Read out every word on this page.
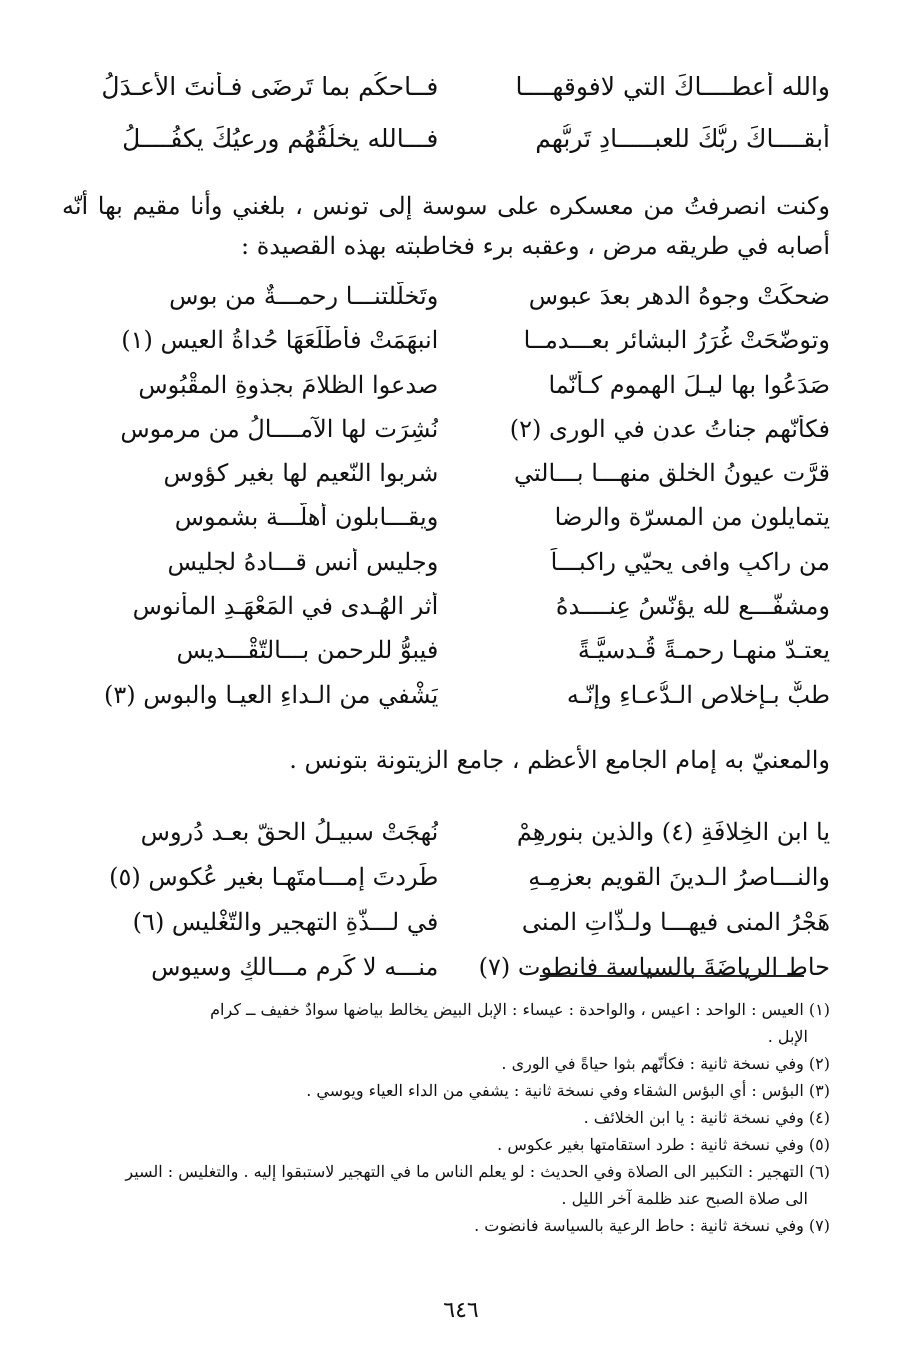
والله أعطــــاكَ التي لافوقهــــا
فــاحكُم بما تَرضَى فـأنتَ الأعـدَلُ
أبقــــاكَ ربُّكَ للعبـــــادِ تَربُّهم
فـــالله يخلُقُهُم ورعيُكَ يكفُــــلُ
وكنت انصرفتُ من معسكره على سوسة إلى تونس ، بلغني وأنا مقيم بها أنّه أصابه في طريقه مرض ، وعقبه برء فخاطبته بهذه القصيدة :
ضحكَتْ وجوهُ الدهرِ بعدَ عبوسِ
وتَخلّلتنـــا رحمـــةٌ من بوسِ
وتوضّحَتْ غُرَرُ البشائرِ بعـــدمــا
انبهَمَتْ فأطْلَعَهَا حُداةُ العيسِ (١)
صَدَعُوا بها ليـلَ الهموم كـأنّما
صدعوا الظلامَ بجذوةِ المقْبُوسِ
فكأنّهم جناتُ عدنٍ في الورى (٢)
نُشِرَت لها الآمــــالُ من مرموسِ
قرَّت عيونُ الخلق منهـــا بـــالتي
شربوا النّعيم لها بغيرِ كؤوسِ
يتمايلون من المسرّة والرضا
ويقـــابلون أهلّـــة بشموسِ
من راكبٍ وافى يحيّي راكبـــاً
وجليسِ أنسٍ قـــادهُ لجليسِ
ومشفّـــع لله يؤنّسُ عِنــــدهُ
أثر الهُـدى في المَعْهَـدِ المأنوسِ
يعتـدّ منهـا رحمـةً قُـدسيَّـةً
فيبوُّ للرحمنِ بـــالتّقْـــديسِ
طبٌّ بـإخلاصِ الـدُّعـاءِ وإنّـه
يَشْفي من الـداءِ العيـا والبوسِ (٣)
والمعنيّ به إمام الجامع الأعظم ، جامع الزيتونة بتونس .
يا ابن الخِلافَةِ (٤) والذين بنورهِمْ
نُهجَتْ سبيـلُ الحقّ بعـد دُروسِ
والنـــاصرُ الـدينَ القويمِ بعزمِـهِ
طَردتَ إمـــامتَهـا بغيرِ عُكوسِ (٥)
هَجْرُ المنى فيهـــا ولـذّاتِ المنى
في لـــذّةِ التهجير والتّغْليسِ (٦)
حاط الرياضَةَ بالسياسة فانطوت (٧)
منـــه لا كَرم مـــالكٍ وسيوسِ
(١) العيس : الواحد : اعيس ، والواحدة : عيساء : الإبل البيض يخالط بياضها سوادٌ خفيف ــ كرام
الإبل .
(٢) وفي نسخة ثانية : فكأنّهم بثوا حياةً في الورى .
(٣) البؤس : أي البؤس الشقاء وفي نسخة ثانية : يشفي من الداء العياء ويوسي .
(٤) وفي نسخة ثانية : يا ابن الخلائف .
(٥) وفي نسخة ثانية : طرد استقامتها بغير عكوس .
(٦) التهجير : التكبير الى الصلاة وفي الحديث : لو يعلم الناس ما في التهجير لاستبقوا إليه . والتغليس : السير
الى صلاة الصبح عند ظلمة آخر الليل .
(٧) وفي نسخة ثانية : حاط الرعية بالسياسة فانضوت .
٦٤٦
